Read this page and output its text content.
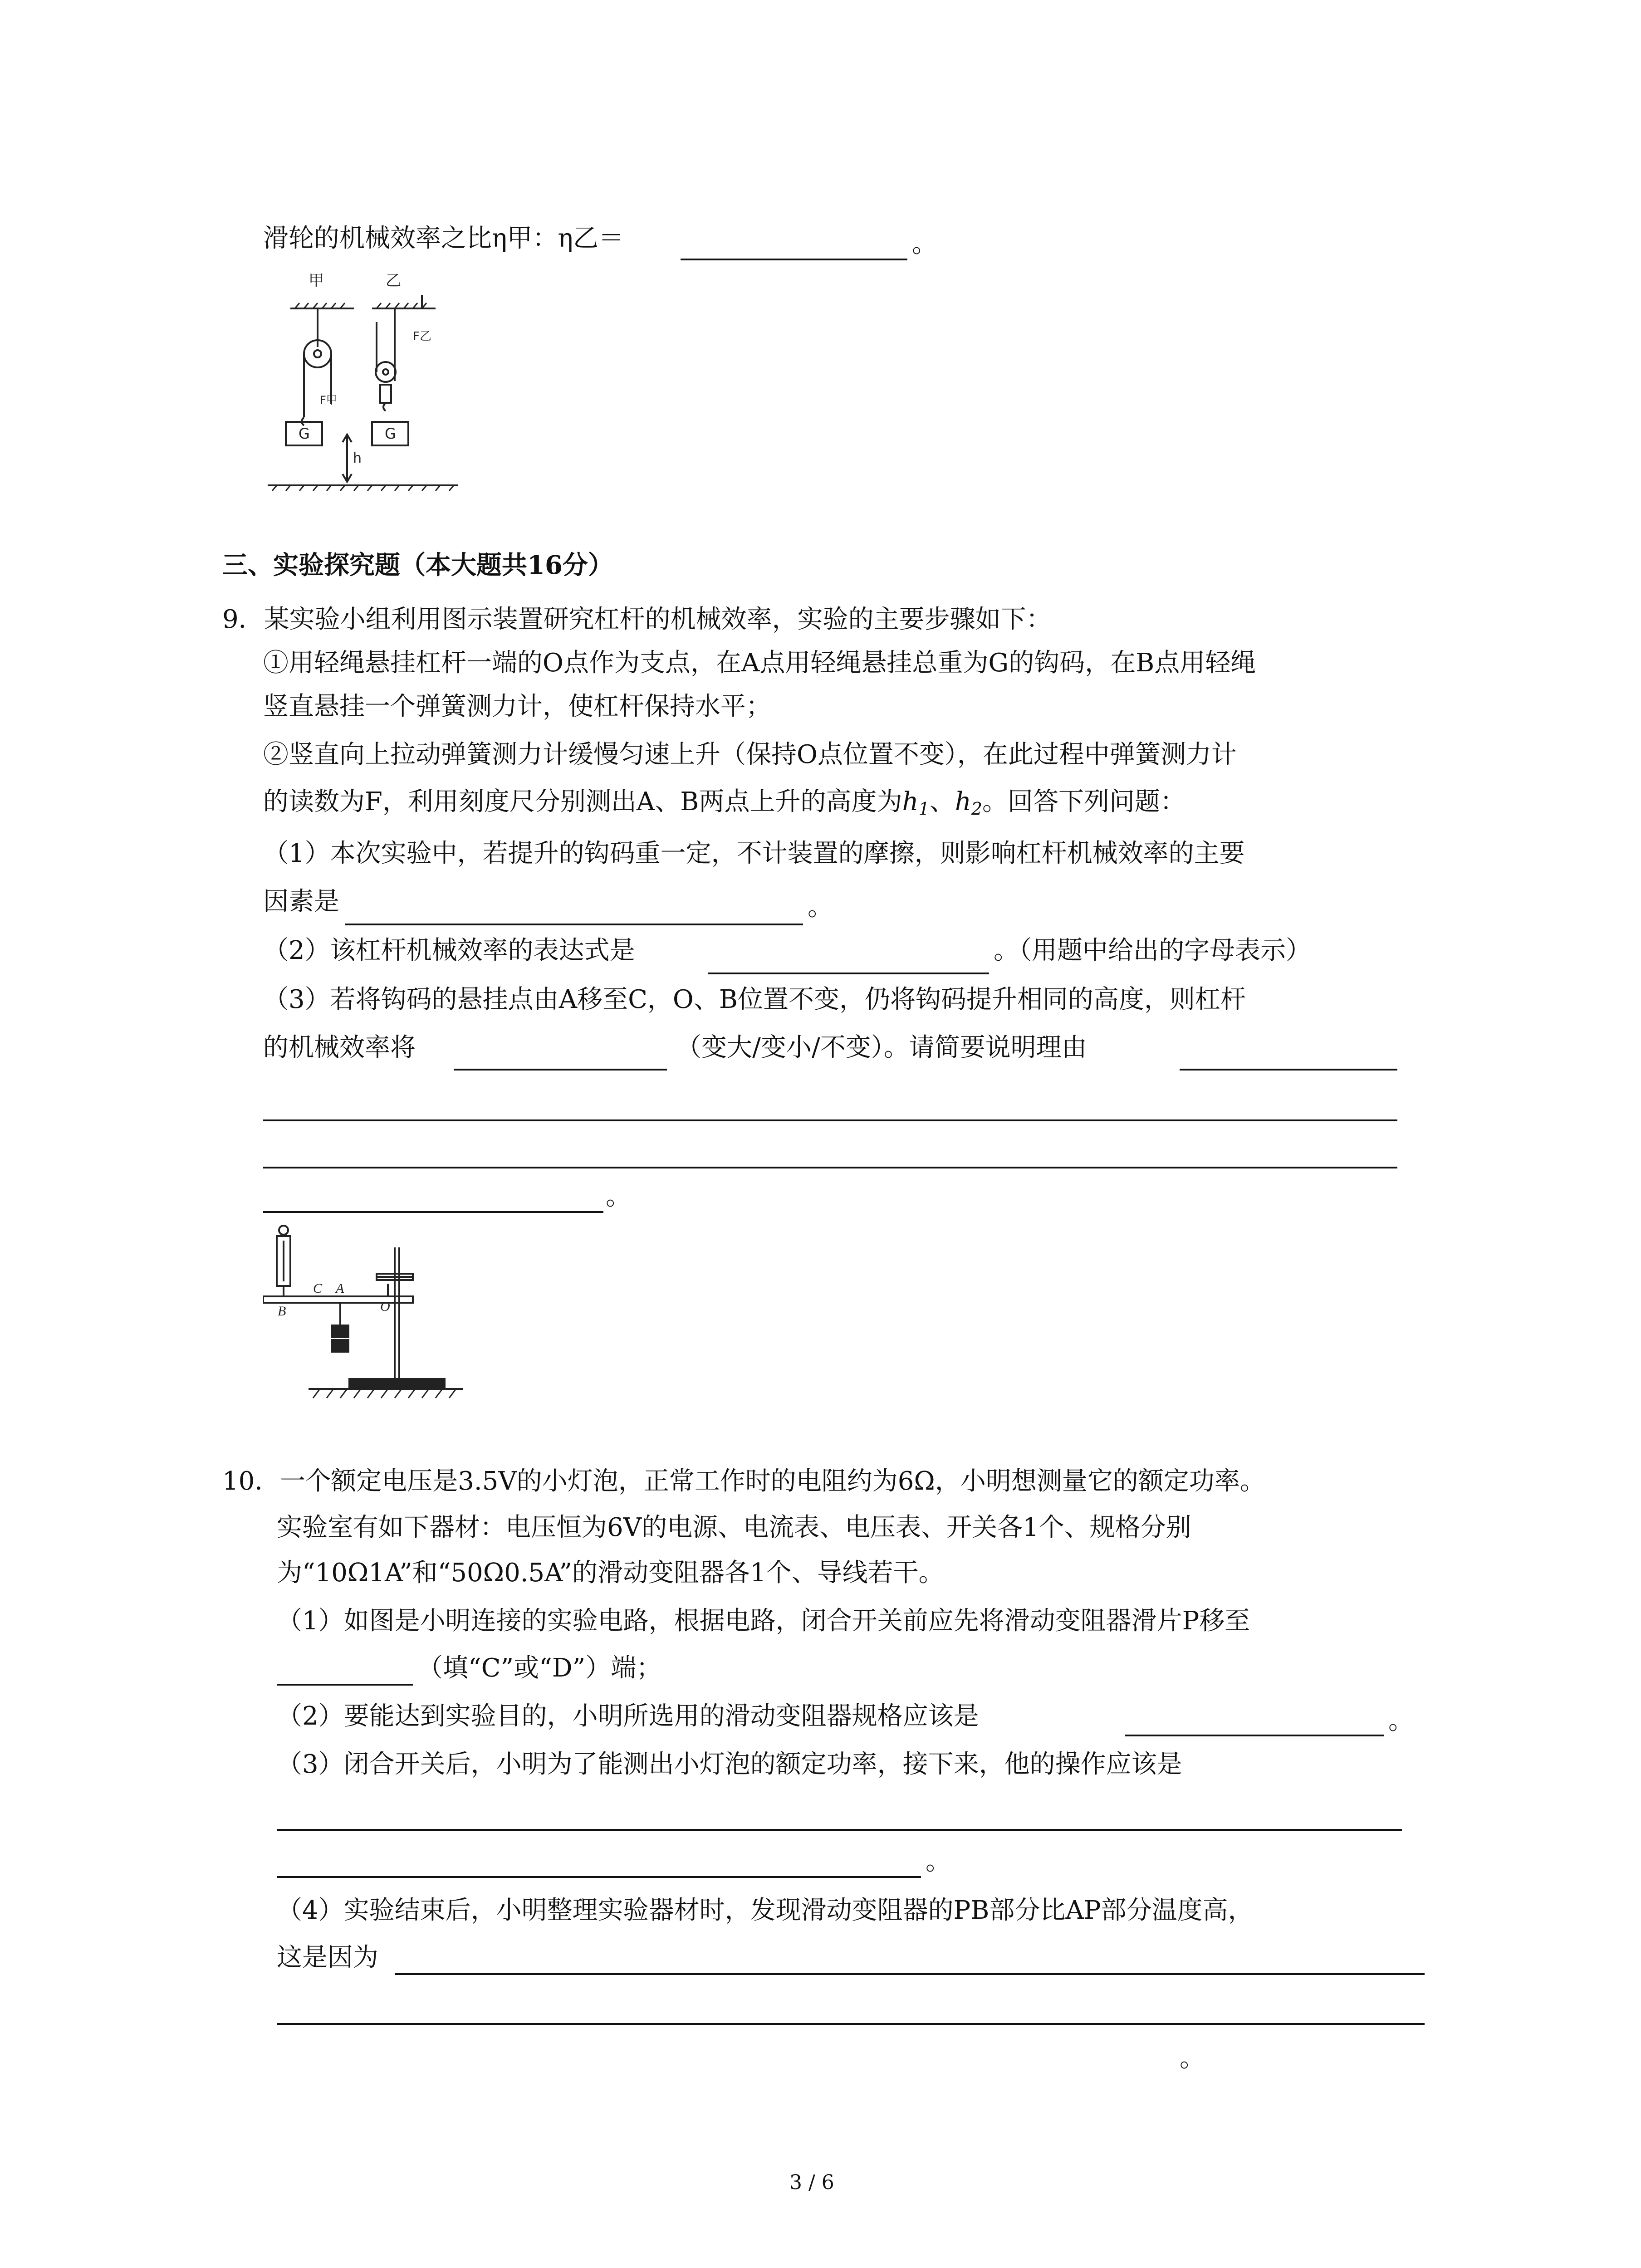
滑轮的机械效率之比η甲：η乙＝	。
甲	乙
F乙
F甲
G	G
h
三、实验探究题（本大题共16分）
9．某实验小组利用图示装置研究杠杆的机械效率，实验的主要步骤如下：
①用轻绳悬挂杠杆一端的O点作为支点，在A点用轻绳悬挂总重为G的钩码，在B点用轻绳
竖直悬挂一个弹簧测力计，使杠杆保持水平；
②竖直向上拉动弹簧测力计缓慢匀速上升（保持O点位置不变），在此过程中弹簧测力计
的读数为F，利用刻度尺分别测出A、B两点上升的高度为$h_1$、$h_2$。回答下列问题：
（1）本次实验中，若提升的钩码重一定，不计装置的摩擦，则影响杠杆机械效率的主要
因素是	。
（2）该杠杆机械效率的表达式是	。（用题中给出的字母表示）
（3）若将钩码的悬挂点由A移至C，O、B位置不变，仍将钩码提升相同的高度，则杠杆
的机械效率将	（变大/变小/不变）。请简要说明理由
。
C A
O
B
10．一个额定电压是3.5V的小灯泡，正常工作时的电阻约为6Ω，小明想测量它的额定功率。
实验室有如下器材：电压恒为6V的电源、电流表、电压表、开关各1个、规格分别
为“10Ω1A”和“50Ω0.5A”的滑动变阻器各1个、导线若干。
（1）如图是小明连接的实验电路，根据电路，闭合开关前应先将滑动变阻器滑片P移至
（填“C”或“D”）端；
（2）要能达到实验目的，小明所选用的滑动变阻器规格应该是	。
（3）闭合开关后，小明为了能测出小灯泡的额定功率，接下来，他的操作应该是
。
（4）实验结束后，小明整理实验器材时，发现滑动变阻器的PB部分比AP部分温度高，
这是因为
。
3 / 6
